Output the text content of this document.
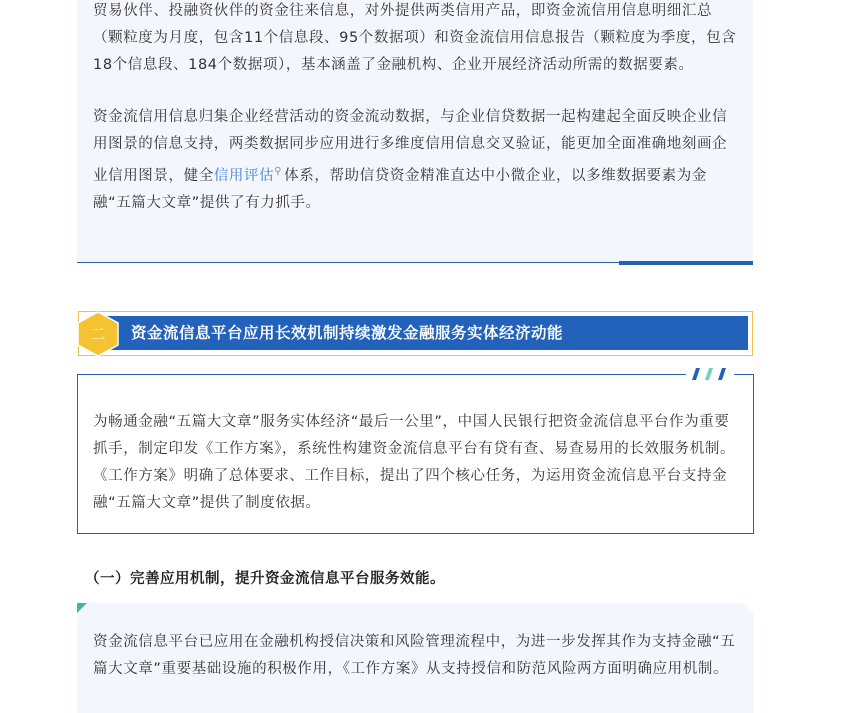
贸易伙伴、投融资伙伴的资金往来信息，对外提供两类信用产品，即资金流信用信息明细汇总（颗粒度为月度，包含11个信息段、95个数据项）和资金流信用信息报告（颗粒度为季度，包含18个信息段、184个数据项），基本涵盖了金融机构、企业开展经济活动所需的数据要素。

资金流信用信息归集企业经营活动的资金流动数据，与企业信贷数据一起构建起全面反映企业信用图景的信息支持，两类数据同步应用进行多维度信用信息交叉验证，能更加全面准确地刻画企业信用图景，健全信用评估⚲ 体系，帮助信贷资金精准直达中小微企业，以多维数据要素为金融“五篇大文章”提供了有力抓手。

资金流信息平台应用长效机制持续激发金融服务实体经济动能
二

为畅通金融“五篇大文章”服务实体经济“最后一公里”，中国人民银行把资金流信息平台作为重要抓手，制定印发《工作方案》，系统性构建资金流信息平台有贷有查、易查易用的长效服务机制。《工作方案》明确了总体要求、工作目标，提出了四个核心任务，为运用资金流信息平台支持金融“五篇大文章”提供了制度依据。

（一）完善应用机制，提升资金流信息平台服务效能。

资金流信息平台已应用在金融机构授信决策和风险管理流程中，为进一步发挥其作为支持金融“五篇大文章”重要基础设施的积极作用，《工作方案》从支持授信和防范风险两方面明确应用机制。
